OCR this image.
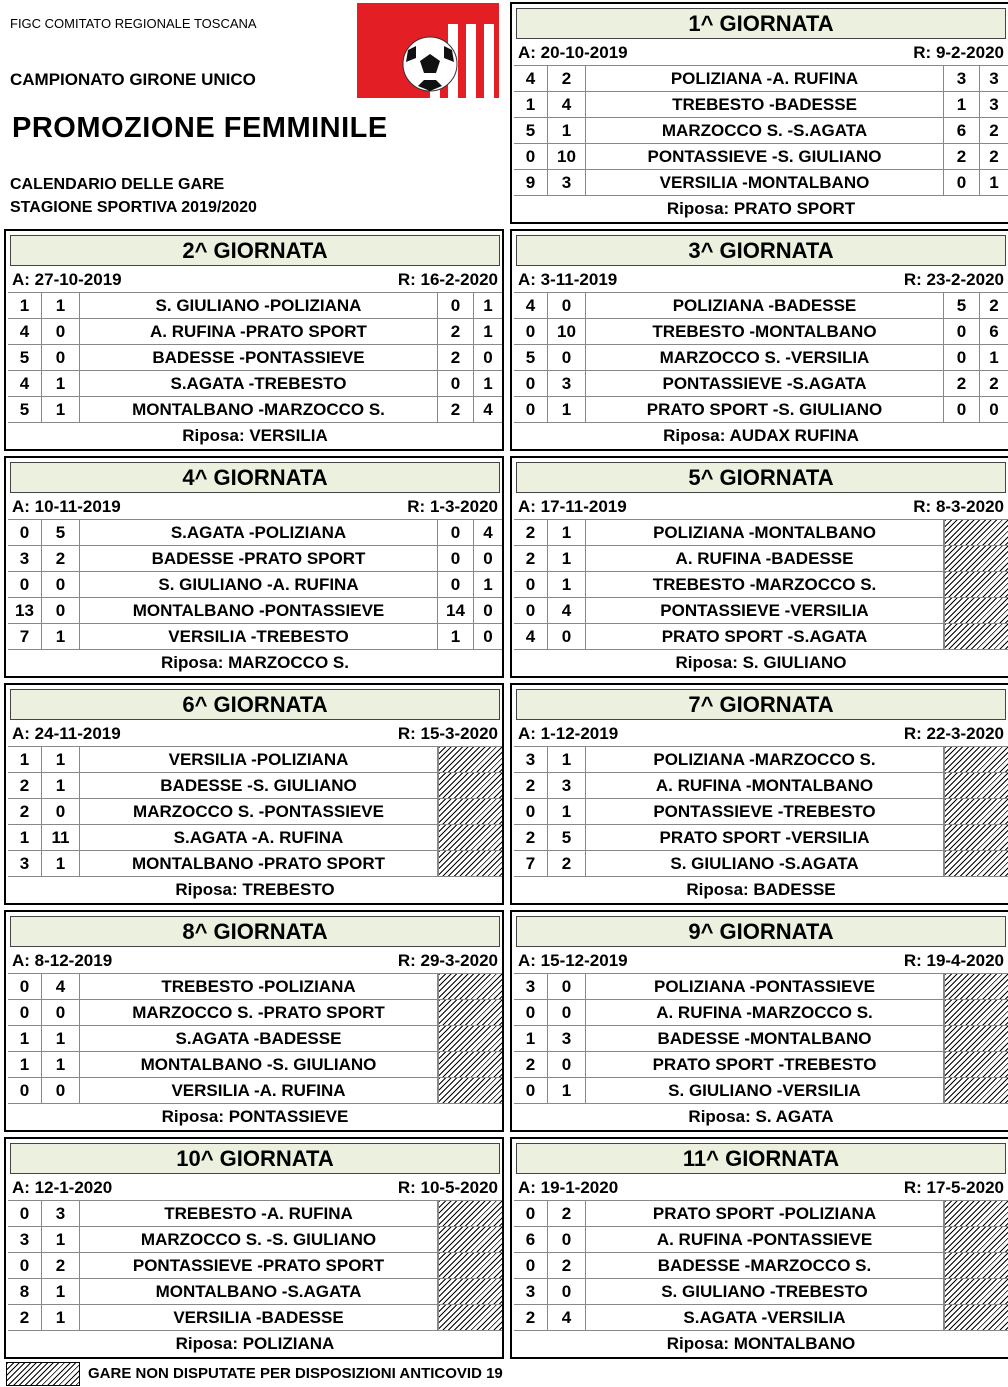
FIGC COMITATO REGIONALE TOSCANA
CAMPIONATO GIRONE UNICO
PROMOZIONE FEMMINILE
CALENDARIO DELLE GARE
STAGIONE SPORTIVA 2019/2020
1^ GIORNATA
A: 20-10-2019	R: 9-2-2020
4	2	POLIZIANA -A. RUFINA	3	3
1	4	TREBESTO -BADESSE	1	3
5	1	MARZOCCO S. -S.AGATA	6	2
0	10	PONTASSIEVE -S. GIULIANO	2	2
9	3	VERSILIA -MONTALBANO	0	1
Riposa: PRATO SPORT
2^ GIORNATA
A: 27-10-2019	R: 16-2-2020
1	1	S. GIULIANO -POLIZIANA	0	1
4	0	A. RUFINA -PRATO SPORT	2	1
5	0	BADESSE -PONTASSIEVE	2	0
4	1	S.AGATA -TREBESTO	0	1
5	1	MONTALBANO -MARZOCCO S.	2	4
Riposa: VERSILIA
3^ GIORNATA
A: 3-11-2019	R: 23-2-2020
4	0	POLIZIANA -BADESSE	5	2
0	10	TREBESTO -MONTALBANO	0	6
5	0	MARZOCCO S. -VERSILIA	0	1
0	3	PONTASSIEVE -S.AGATA	2	2
0	1	PRATO SPORT -S. GIULIANO	0	0
Riposa: AUDAX RUFINA
4^ GIORNATA
A: 10-11-2019	R: 1-3-2020
0	5	S.AGATA -POLIZIANA	0	4
3	2	BADESSE -PRATO SPORT	0	0
0	0	S. GIULIANO -A. RUFINA	0	1
13	0	MONTALBANO -PONTASSIEVE	14	0
7	1	VERSILIA -TREBESTO	1	0
Riposa: MARZOCCO S.
5^ GIORNATA
A: 17-11-2019	R: 8-3-2020
2	1	POLIZIANA -MONTALBANO
2	1	A. RUFINA -BADESSE
0	1	TREBESTO -MARZOCCO S.
0	4	PONTASSIEVE -VERSILIA
4	0	PRATO SPORT -S.AGATA
Riposa: S. GIULIANO
6^ GIORNATA
A: 24-11-2019	R: 15-3-2020
1	1	VERSILIA -POLIZIANA
2	1	BADESSE -S. GIULIANO
2	0	MARZOCCO S. -PONTASSIEVE
1	11	S.AGATA -A. RUFINA
3	1	MONTALBANO -PRATO SPORT
Riposa: TREBESTO
7^ GIORNATA
A: 1-12-2019	R: 22-3-2020
3	1	POLIZIANA -MARZOCCO S.
2	3	A. RUFINA -MONTALBANO
0	1	PONTASSIEVE -TREBESTO
2	5	PRATO SPORT -VERSILIA
7	2	S. GIULIANO -S.AGATA
Riposa: BADESSE
8^ GIORNATA
A: 8-12-2019	R: 29-3-2020
0	4	TREBESTO -POLIZIANA
0	0	MARZOCCO S. -PRATO SPORT
1	1	S.AGATA -BADESSE
1	1	MONTALBANO -S. GIULIANO
0	0	VERSILIA -A. RUFINA
Riposa: PONTASSIEVE
9^ GIORNATA
A: 15-12-2019	R: 19-4-2020
3	0	POLIZIANA -PONTASSIEVE
0	0	A. RUFINA -MARZOCCO S.
1	3	BADESSE -MONTALBANO
2	0	PRATO SPORT -TREBESTO
0	1	S. GIULIANO -VERSILIA
Riposa: S. AGATA
10^ GIORNATA
A: 12-1-2020	R: 10-5-2020
0	3	TREBESTO -A. RUFINA
3	1	MARZOCCO S. -S. GIULIANO
0	2	PONTASSIEVE -PRATO SPORT
8	1	MONTALBANO -S.AGATA
2	1	VERSILIA -BADESSE
Riposa: POLIZIANA
11^ GIORNATA
A: 19-1-2020	R: 17-5-2020
0	2	PRATO SPORT -POLIZIANA
6	0	A. RUFINA -PONTASSIEVE
0	2	BADESSE -MARZOCCO S.
3	0	S. GIULIANO -TREBESTO
2	4	S.AGATA -VERSILIA
Riposa: MONTALBANO
GARE NON DISPUTATE PER DISPOSIZIONI ANTICOVID 19
